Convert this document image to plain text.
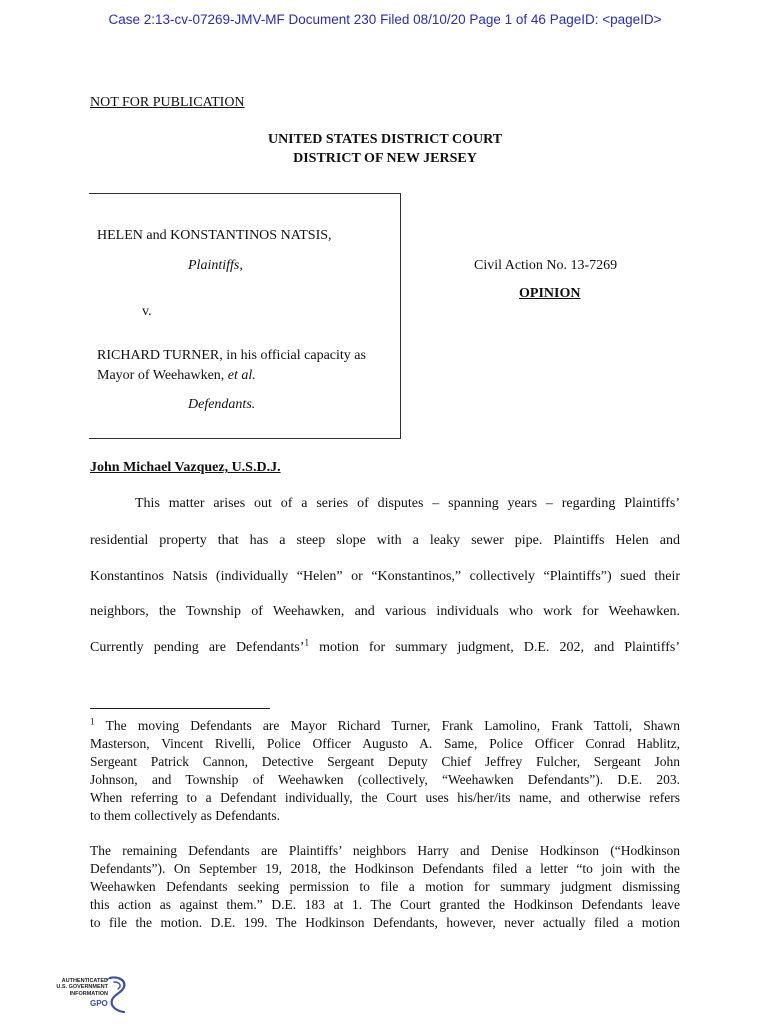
Case 2:13-cv-07269-JMV-MF Document 230 Filed 08/10/20 Page 1 of 46 PageID: <pageID>
NOT FOR PUBLICATION
UNITED STATES DISTRICT COURT
DISTRICT OF NEW JERSEY
HELEN and KONSTANTINOS NATSIS,
Plaintiffs,
v.
RICHARD TURNER, in his official capacity as
Mayor of Weehawken, et al.
Defendants.
Civil Action No. 13-7269
OPINION
John Michael Vazquez, U.S.D.J.
This matter arises out of a series of disputes – spanning years – regarding Plaintiffs’
residential property that has a steep slope with a leaky sewer pipe. Plaintiffs Helen and
Konstantinos Natsis (individually “Helen” or “Konstantinos,” collectively “Plaintiffs”) sued their
neighbors, the Township of Weehawken, and various individuals who work for Weehawken.
Currently pending are Defendants’$^1$ motion for summary judgment, D.E. 202, and Plaintiffs’
$^1$ The moving Defendants are Mayor Richard Turner, Frank Lamolino, Frank Tattoli, Shawn
Masterson, Vincent Rivelli, Police Officer Augusto A. Same, Police Officer Conrad Hablitz,
Sergeant Patrick Cannon, Detective Sergeant Deputy Chief Jeffrey Fulcher, Sergeant John
Johnson, and Township of Weehawken (collectively, “Weehawken Defendants”). D.E. 203.
When referring to a Defendant individually, the Court uses his/her/its name, and otherwise refers
to them collectively as Defendants.
The remaining Defendants are Plaintiffs’ neighbors Harry and Denise Hodkinson (“Hodkinson
Defendants”). On September 19, 2018, the Hodkinson Defendants filed a letter “to join with the
Weehawken Defendants seeking permission to file a motion for summary judgment dismissing
this action as against them.” D.E. 183 at 1. The Court granted the Hodkinson Defendants leave
to file the motion. D.E. 199. The Hodkinson Defendants, however, never actually filed a motion
AUTHENTICATED
U.S. GOVERNMENT
INFORMATION
GPO
